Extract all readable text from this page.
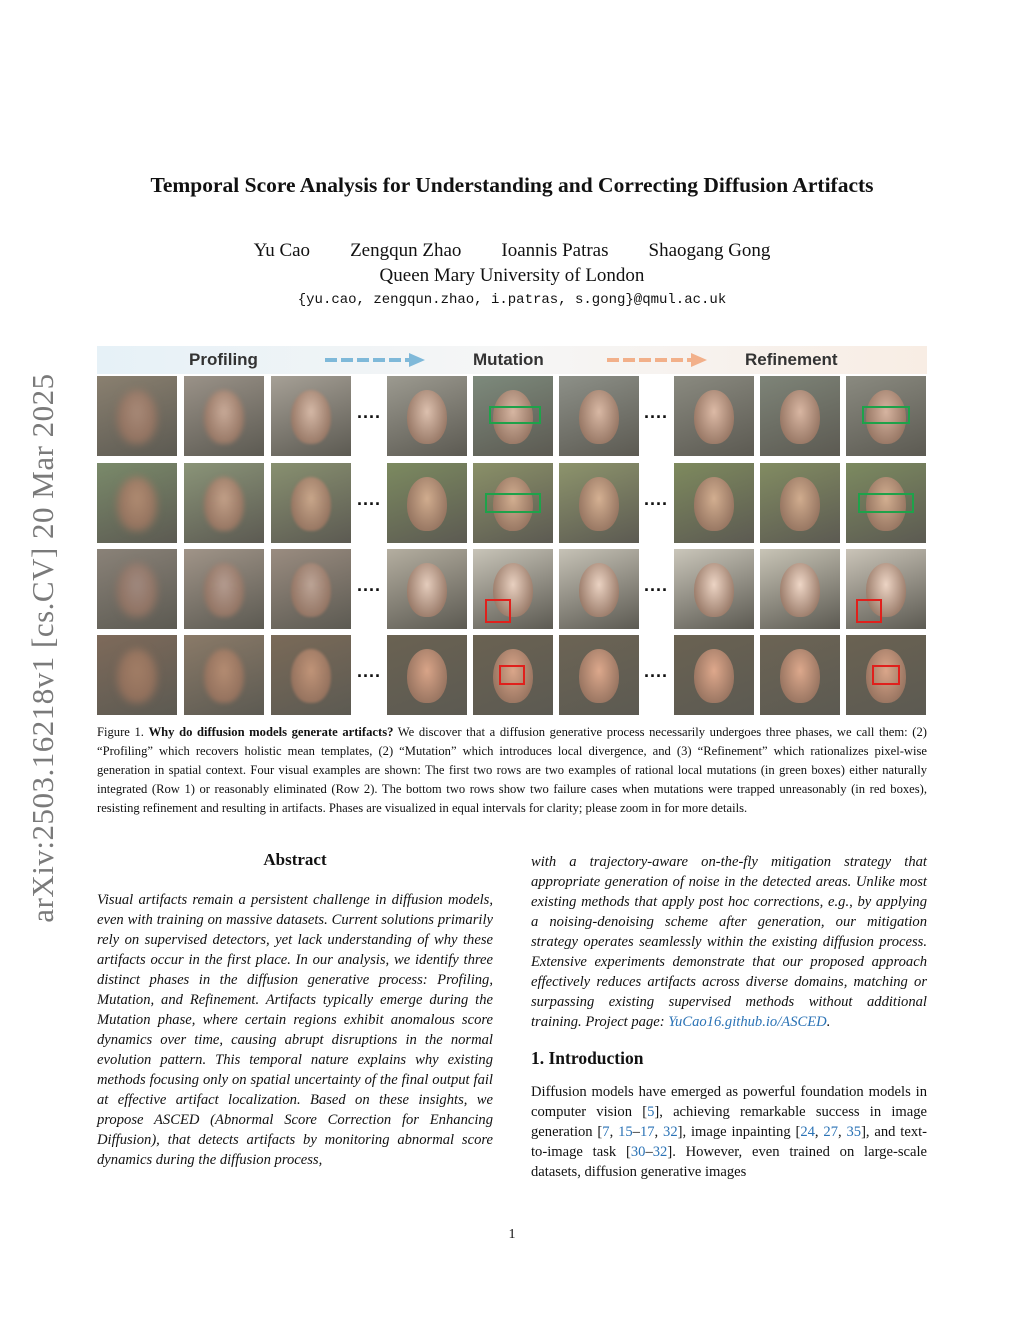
arXiv:2503.16218v1 [cs.CV] 20 Mar 2025
Temporal Score Analysis for Understanding and Correcting Diffusion Artifacts
Yu Cao Zengqun Zhao Ioannis Patras Shaogang Gong
Queen Mary University of London
{yu.cao, zengqun.zhao, i.patras, s.gong}@qmul.ac.uk
Profiling	Mutation	Refinement
....	....
....	....
....	....
....	....
Figure 1. Why do diffusion models generate artifacts? We discover that a diffusion generative process necessarily undergoes three phases, we call them: (2) “Profiling” which recovers holistic mean templates, (2) “Mutation” which introduces local divergence, and (3) “Refinement” which rationalizes pixel-wise generation in spatial context. Four visual examples are shown: The first two rows are two examples of rational local mutations (in green boxes) either naturally integrated (Row 1) or reasonably eliminated (Row 2). The bottom two rows show two failure cases when mutations were trapped unreasonably (in red boxes), resisting refinement and resulting in artifacts. Phases are visualized in equal intervals for clarity; please zoom in for more details.
Abstract

Visual artifacts remain a persistent challenge in diffusion models, even with training on massive datasets. Current solutions primarily rely on supervised detectors, yet lack understanding of why these artifacts occur in the first place. In our analysis, we identify three distinct phases in the diffusion generative process: Profiling, Mutation, and Refinement. Artifacts typically emerge during the Mutation phase, where certain regions exhibit anomalous score dynamics over time, causing abrupt disruptions in the normal evolution pattern. This temporal nature explains why existing methods focusing only on spatial uncertainty of the final output fail at effective artifact localization. Based on these insights, we propose ASCED (Abnormal Score Correction for Enhancing Diffusion), that detects artifacts by monitoring abnormal score dynamics during the diffusion process,

with a trajectory-aware on-the-fly mitigation strategy that appropriate generation of noise in the detected areas. Unlike most existing methods that apply post hoc corrections, e.g., by applying a noising-denoising scheme after generation, our mitigation strategy operates seamlessly within the existing diffusion process. Extensive experiments demonstrate that our proposed approach effectively reduces artifacts across diverse domains, matching or surpassing existing supervised methods without additional training. Project page: YuCao16.github.io/ASCED.

1. Introduction

Diffusion models have emerged as powerful foundation models in computer vision [5], achieving remarkable success in image generation [7, 15–17, 32], image inpainting [24, 27, 35], and text-to-image task [30–32]. However, even trained on large-scale datasets, diffusion generative images

1
